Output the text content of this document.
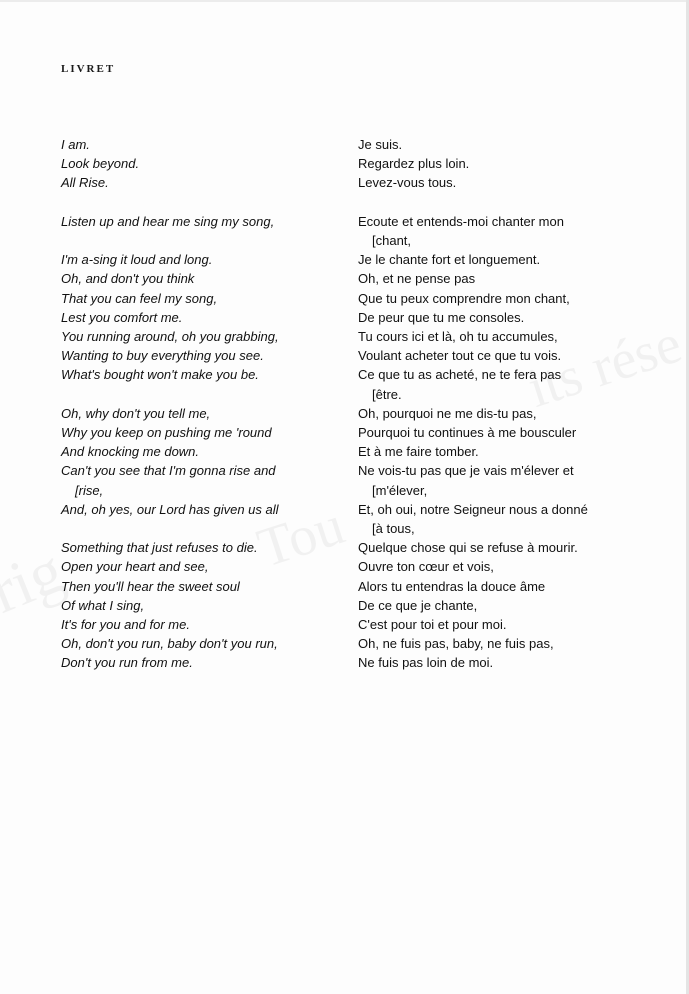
LIVRET
I am.
Look beyond.
All Rise.
Listen up and hear me sing my song,
I'm a-sing it loud and long.
Oh, and don't you think
That you can feel my song,
Lest you comfort me.
You running around, oh you grabbing,
Wanting to buy everything you see.
What's bought won't make you be.
Oh, why don't you tell me,
Why you keep on pushing me 'round
And knocking me down.
Can't you see that I'm gonna rise and
[rise,
And, oh yes, our Lord has given us all
Something that just refuses to die.
Open your heart and see,
Then you'll hear the sweet soul
Of what I sing,
It's for you and for me.
Oh, don't you run, baby don't you run,
Don't you run from me.
Je suis.
Regardez plus loin.
Levez-vous tous.
Ecoute et entends-moi chanter mon
[chant,
Je le chante fort et longuement.
Oh, et ne pense pas
Que tu peux comprendre mon chant,
De peur que tu me consoles.
Tu cours ici et là, oh tu accumules,
Voulant acheter tout ce que tu vois.
Ce que tu as acheté, ne te fera pas
[être.
Oh, pourquoi ne me dis-tu pas,
Pourquoi tu continues à me bousculer
Et à me faire tomber.
Ne vois-tu pas que je vais m'élever et
[m'élever,
Et, oh oui, notre Seigneur nous a donné
[à tous,
Quelque chose qui se refuse à mourir.
Ouvre ton cœur et vois,
Alors tu entendras la douce âme
De ce que je chante,
C'est pour toi et pour moi.
Oh, ne fuis pas, baby, ne fuis pas,
Ne fuis pas loin de moi.
